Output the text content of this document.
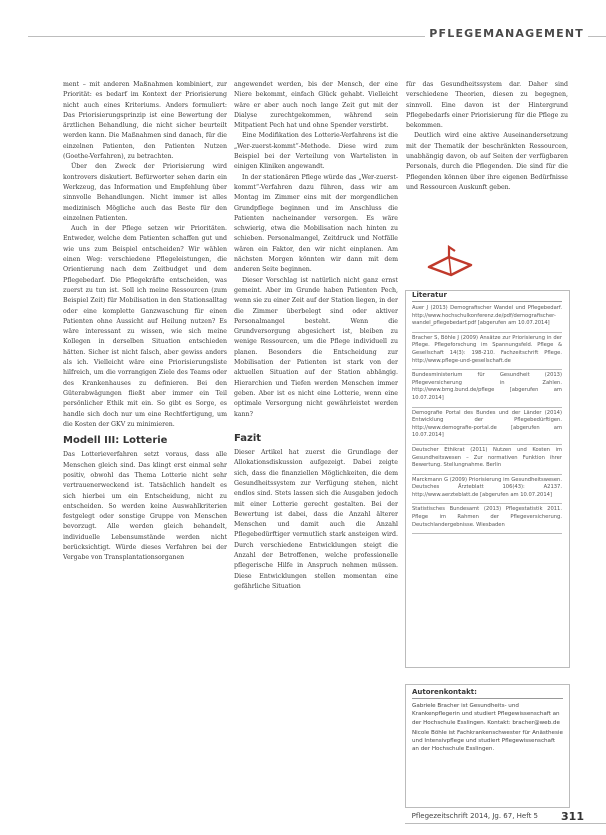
PFLEGEMANAGEMENT

ment – mit anderen Maßnahmen kombiniert, zur Priorität: es bedarf im Kontext der Priorisierung nicht auch eines Kriteriums. Anders formuliert: Das Priorisierungsprinzip ist eine Bewertung der ärztlichen Behandlung, die nicht sicher beurteilt werden kann. Die Maßnahmen sind danach, für die einzelnen Patienten, den Patienten Nutzen (Goethe-Verfahren), zu betrachten.

Über den Zweck der Priorisierung wird kontrovers diskutiert. Befürworter sehen darin ein Werkzeug, das Information und Empfehlung über sinnvolle Behandlungen. Nicht immer ist alles medizinisch Mögliche auch das Beste für den einzelnen Patienten.

Auch in der Pflege setzen wir Prioritäten. Entweder, welche dem Patienten schaffen gut und wie uns zum Beispiel entscheiden? Wir wählen einen Weg: verschiedene Pflegeleistungen, die Orientierung nach dem Zeitbudget und dem Pflegebedarf. Die Pflegekräfte entscheiden, was zuerst zu tun ist. Soll ich meine Ressourcen (zum Beispiel Zeit) für Mobilisation in den Stationsalltag oder eine komplette Ganzwaschung für einen Patienten ohne Aussicht auf Heilung nutzen? Es wäre interessant zu wissen, wie sich meine Kollegen in derselben Situation entschieden hätten. Sicher ist nicht falsch, aber gewiss anders als ich. Vielleicht wäre eine Priorisierungsliste hilfreich, um die vorrangigen Ziele des Teams oder des Krankenhauses zu definieren. Bei den Güterabwägungen fließt aber immer ein Teil persönlicher Ethik mit ein. So gibt es Sorge, es handle sich doch nur um eine Rechtfertigung, um die Kosten der GKV zu minimieren.

Modell III: Lotterie

Das Lotterieverfahren setzt voraus, dass alle Menschen gleich sind. Das klingt erst einmal sehr positiv, obwohl das Thema Lotterie nicht sehr vertrauenerweckend ist. Tatsächlich handelt es sich hierbei um ein Entscheidung, nicht zu entscheiden. So werden keine Auswahlkriterien festgelegt oder sonstige Gruppe von Menschen bevorzugt. Alle werden gleich behandelt, individuelle Lebensumstände werden nicht berücksichtigt. Würde dieses Verfahren bei der Vergabe von Transplantationsorganen

angewendet werden, bis der Mensch, der eine Niere bekommt, einfach Glück gehabt. Vielleicht wäre er aber auch noch lange Zeit gut mit der Dialyse zurechtgekommen, während sein Mitpatient Pech hat und ohne Spender verstirbt.

Eine Modifikation des Lotterie-Verfahrens ist die „Wer-zuerst-kommt“-Methode. Diese wird zum Beispiel bei der Verteilung von Wartelisten in einigen Kliniken angewandt.

In der stationären Pflege würde das „Wer-zuerst-kommt“-Verfahren dazu führen, dass wir am Montag im Zimmer eins mit der morgendlichen Grundpflege beginnen und im Anschluss die Patienten nacheinander versorgen. Es wäre schwierig, etwa die Mobilisation nach hinten zu schieben. Personalmangel, Zeitdruck und Notfälle wären ein Faktor, den wir nicht einplanen. Am nächsten Morgen könnten wir dann mit dem anderen Seite beginnen.

Dieser Vorschlag ist natürlich nicht ganz ernst gemeint. Aber im Grunde haben Patienten Pech, wenn sie zu einer Zeit auf der Station liegen, in der die Zimmer überbelegt sind oder aktiver Personalmangel besteht. Wenn die Grundversorgung abgesichert ist, bleiben zu wenige Ressourcen, um die Pflege individuell zu planen. Besonders die Entscheidung zur Mobilisation der Patienten ist stark von der aktuellen Situation auf der Station abhängig. Hierarchien und Tiefen werden Menschen immer geben. Aber ist es nicht eine Lotterie, wenn eine optimale Versorgung nicht gewährleistet werden kann?

Fazit

Dieser Artikel hat zuerst die Grundlage der Allokationsdiskussion aufgezeigt. Dabei zeigte sich, dass die finanziellen Möglichkeiten, die dem Gesundheitssystem zur Verfügung stehen, nicht endlos sind. Stets lassen sich die Ausgaben jedoch mit einer Lotterie gerecht gestalten. Bei der Bewertung ist dabei, dass die Anzahl älterer Menschen und damit auch die Anzahl Pflegebedürftiger vermutlich stark ansteigen wird. Durch verschiedene Entwicklungen steigt die Anzahl der Betroffenen, welche professionelle pflegerische Hilfe in Anspruch nehmen müssen. Diese Entwicklungen stellen momentan eine gefährliche Situation

für das Gesundheitssystem dar. Daher sind verschiedene Theorien, diesen zu begegnen, sinnvoll. Eine davon ist der Hintergrund Pflegebedarfs einer Priorisierung für die Pflege zu bekommen.

Deutlich wird eine aktive Auseinandersetzung mit der Thematik der beschränkten Ressourcen, unabhängig davon, ob auf Seiten der verfügbaren Personals, durch die Pflegenden. Die sind für die Pflegenden können über ihre eigenen Bedürfnisse und Ressourcen Auskunft geben.

Literatur

Auer J (2013) Demografischer Wandel und Pflegebedarf. http://www.hochschulkonferenz.de/pdf/demografischer-wandel_pflegebedarf.pdf [abgerufen am 10.07.2014]

Bracher S, Böhle J (2009) Ansätze zur Priorisierung in der Pflege. Pflegeforschung im Spannungsfeld. Pflege & Gesellschaft 14(3): 198-210. Fachzeitschrift Pflege. http://www.pflege-und-gesellschaft.de

Bundesministerium für Gesundheit (2013) Pflegeversicherung in Zahlen. http://www.bmg.bund.de/pflege [abgerufen am 10.07.2014]

Demografie Portal des Bundes und der Länder (2014) Entwicklung der Pflegebedürftigen. http://www.demografie-portal.de [abgerufen am 10.07.2014]

Deutscher Ethikrat (2011) Nutzen und Kosten im Gesundheitswesen – Zur normativen Funktion ihrer Bewertung. Stellungnahme. Berlin

Marckmann G (2009) Priorisierung im Gesundheitswesen. Deutsches Ärzteblatt 106(43): A2137. http://www.aerzteblatt.de [abgerufen am 10.07.2014]

Statistisches Bundesamt (2013) Pflegestatistik 2011. Pflege im Rahmen der Pflegeversicherung. Deutschlandergebnisse. Wiesbaden

Autorenkontakt:

Gabriele Bracher ist Gesundheits- und Krankenpflegerin und studiert Pflegewissenschaft an der Hochschule Esslingen. Kontakt: bracher@web.de

Nicole Böhle ist Fachkrankenschwester für Anästhesie und Intensivpflege und studiert Pflegewissenschaft an der Hochschule Esslingen.

Pflegezeitschrift 2014, Jg. 67, Heft 5 311
